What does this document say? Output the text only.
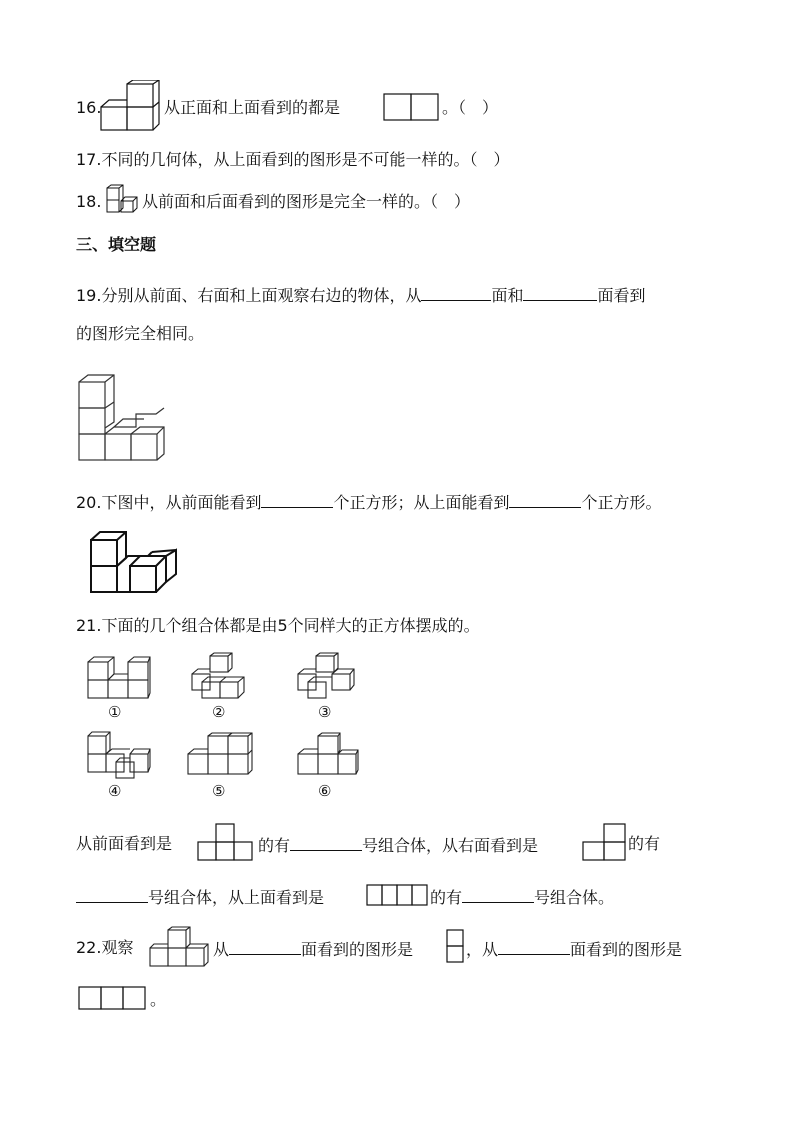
16.	从正面和上面看到的都是	。（　）
17.不同的几何体，从上面看到的图形是不可能一样的。（　）
18.	从前面和后面看到的图形是完全一样的。（　）
三、填空题
19.分别从前面、右面和上面观察右边的物体，从	面和	面看到
的图形完全相同。
20.下图中，从前面能看到	个正方形；从上面能看到	个正方形。
21.下面的几个组合体都是由5个同样大的正方体摆成的。
①	②	③
④	⑤	⑥
从前面看到是	的有	号组合体，从右面看到是	的有
号组合体，从上面看到是	的有	号组合体。
22.观察	从	面看到的图形是	，从	面看到的图形是
。
